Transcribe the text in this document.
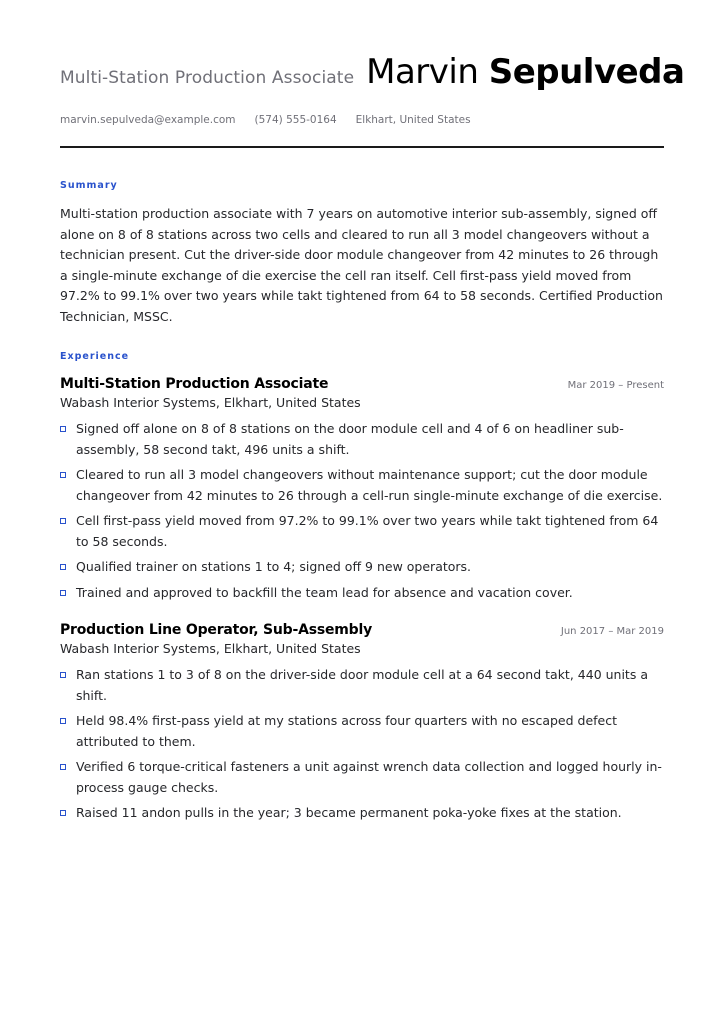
Multi-Station Production Associate Marvin Sepulveda
marvin.sepulveda@example.com (574) 555-0164 Elkhart, United States
Summary
Multi-station production associate with 7 years on automotive interior sub-assembly, signed off alone on 8 of 8 stations across two cells and cleared to run all 3 model changeovers without a technician present. Cut the driver-side door module changeover from 42 minutes to 26 through a single-minute exchange of die exercise the cell ran itself. Cell first-pass yield moved from 97.2% to 99.1% over two years while takt tightened from 64 to 58 seconds. Certified Production Technician, MSSC.
Experience
Multi-Station Production Associate	Mar 2019 – Present
Wabash Interior Systems, Elkhart, United States
Signed off alone on 8 of 8 stations on the door module cell and 4 of 6 on headliner sub-assembly, 58 second takt, 496 units a shift.
Cleared to run all 3 model changeovers without maintenance support; cut the door module changeover from 42 minutes to 26 through a cell-run single-minute exchange of die exercise.
Cell first-pass yield moved from 97.2% to 99.1% over two years while takt tightened from 64 to 58 seconds.
Qualified trainer on stations 1 to 4; signed off 9 new operators.
Trained and approved to backfill the team lead for absence and vacation cover.
Production Line Operator, Sub-Assembly	Jun 2017 – Mar 2019
Wabash Interior Systems, Elkhart, United States
Ran stations 1 to 3 of 8 on the driver-side door module cell at a 64 second takt, 440 units a shift.
Held 98.4% first-pass yield at my stations across four quarters with no escaped defect attributed to them.
Verified 6 torque-critical fasteners a unit against wrench data collection and logged hourly in-process gauge checks.
Raised 11 andon pulls in the year; 3 became permanent poka-yoke fixes at the station.
